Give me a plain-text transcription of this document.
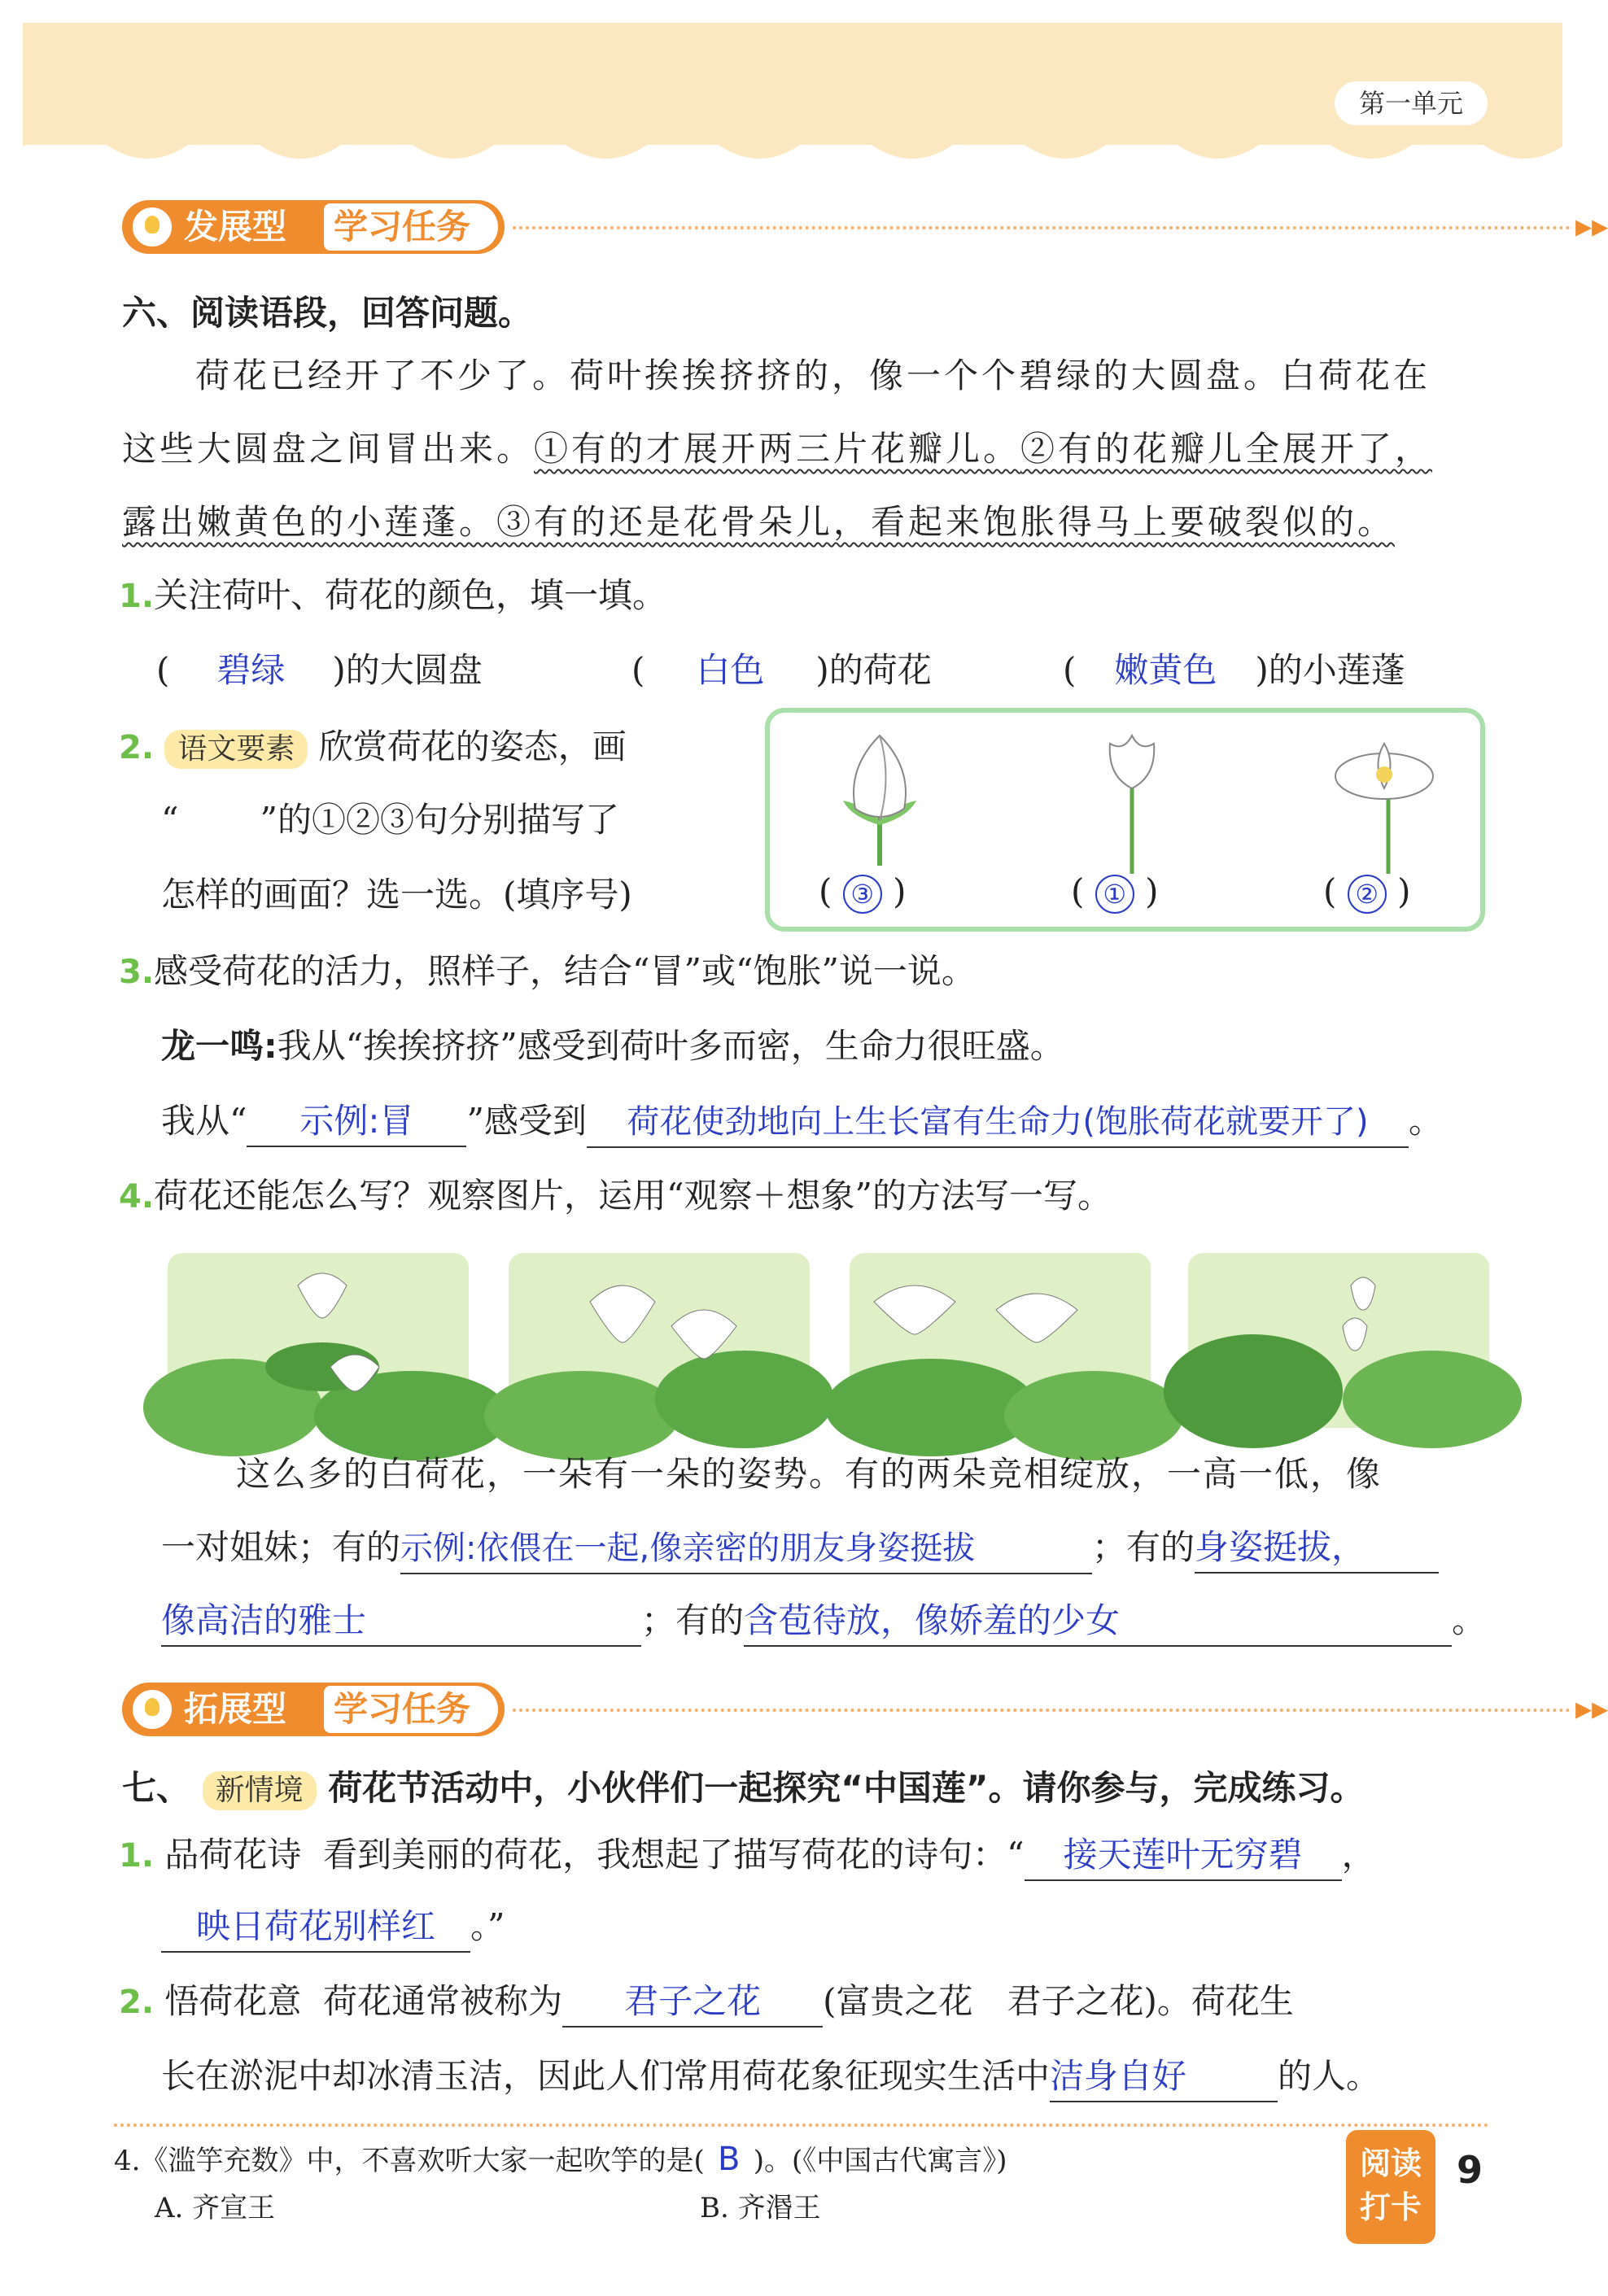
第一单元
发展型 学习任务	▸▸
六、阅读语段，回答问题。
荷花已经开了不少了。荷叶挨挨挤挤的，像一个个碧绿的大圆盘。白荷花在
这些大圆盘之间冒出来。①有的才展开两三片花瓣儿。②有的花瓣儿全展开了，
露出嫩黄色的小莲蓬。③有的还是花骨朵儿，看起来饱胀得马上要破裂似的。
1.关注荷叶、荷花的颜色，填一填。
( 碧绿 )的大圆盘	( 白色 )的荷花	( 嫩黄色 )的小莲蓬
2. 语文要素 欣赏荷花的姿态，画
“ ”的①②③句分别描写了
怎样的画面？选一选。(填序号)	( ③ )	( ① )	( ② )
3.感受荷花的活力，照样子，结合“冒”或“饱胀”说一说。
龙一鸣:我从“挨挨挤挤”感受到荷叶多而密，生命力很旺盛。
我从“ 示例:冒 ”感受到 荷花使劲地向上生长富有生命力(饱胀荷花就要开了) 。
4.荷花还能怎么写？观察图片，运用“观察＋想象”的方法写一写。
这么多的白荷花，一朵有一朵的姿势。有的两朵竞相绽放，一高一低，像
一对姐妹；有的示例:依偎在一起,像亲密的朋友身姿挺拔	；有的身姿挺拔，
像高洁的雅士	；有的含苞待放，像娇羞的少女	。
拓展型 学习任务	▸▸
七、 新情境 荷花节活动中，小伙伴们一起探究“中国莲”。请你参与，完成练习。
1. 品荷花诗 看到美丽的荷花，我想起了描写荷花的诗句：“ 接天莲叶无穷碧 ，
映日荷花别样红 。”
2. 悟荷花意 荷花通常被称为 君子之花 (富贵之花　君子之花)。荷花生
长在淤泥中却冰清玉洁，因此人们常用荷花象征现实生活中洁身自好	的人。
4.《滥竽充数》中，不喜欢听大家一起吹竽的是( B )。(《中国古代寓言》)
A. 齐宣王	B. 齐湣王
阅读
打卡
9
